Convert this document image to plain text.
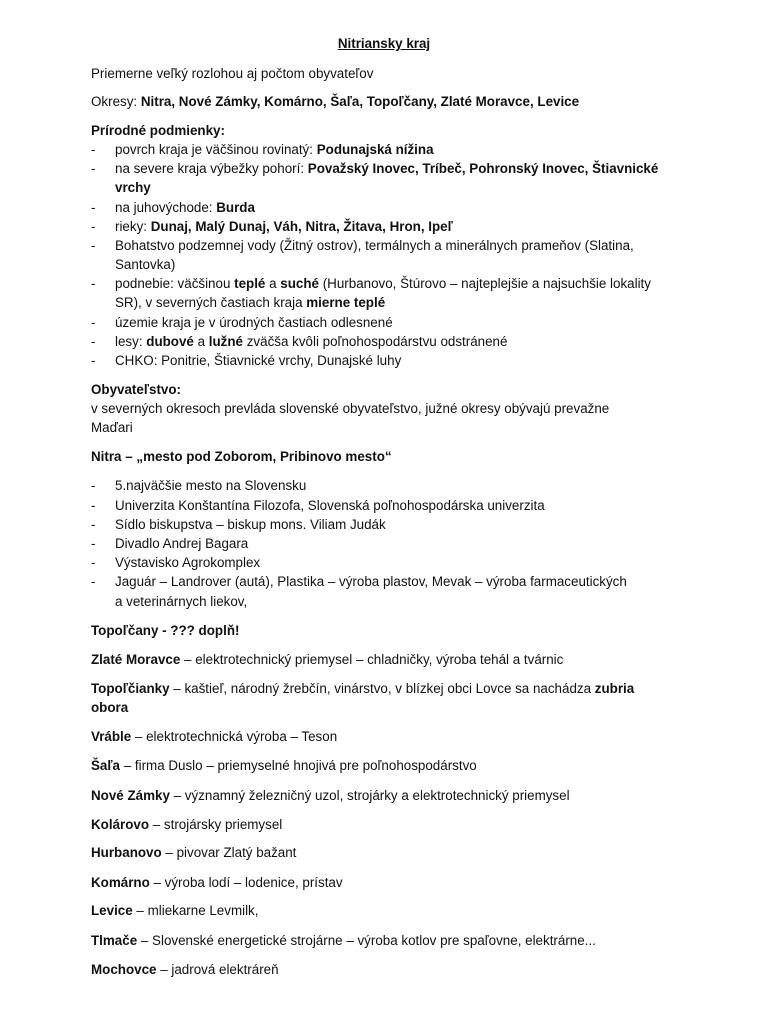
Nitriansky kraj
Priemerne veľký rozlohou aj počtom obyvateľov
Okresy: Nitra, Nové Zámky, Komárno, Šaľa, Topoľčany, Zlaté Moravce, Levice
Prírodné podmienky:
- povrch kraja je väčšinou rovinatý: Podunajská nížina
- na severe kraja výbežky pohorí: Považský Inovec, Tríbeč, Pohronský Inovec, Štiavnické
vrchy
- na juhovýchode: Burda
- rieky: Dunaj, Malý Dunaj, Váh, Nitra, Žitava, Hron, Ipeľ
- Bohatstvo podzemnej vody (Žitný ostrov), termálnych a minerálnych prameňov (Slatina,
Santovka)
- podnebie: väčšinou teplé a suché (Hurbanovo, Štúrovo – najteplejšie a najsuchšie lokality
SR), v severných častiach kraja mierne teplé
- územie kraja je v úrodných častiach odlesnené
- lesy: dubové a lužné zväčša kvôli poľnohospodárstvu odstránené
- CHKO: Ponitrie, Štiavnické vrchy, Dunajské luhy
Obyvateľstvo:
v severných okresoch prevláda slovenské obyvateľstvo, južné okresy obývajú prevažne
Maďari
Nitra – „mesto pod Zoborom, Pribinovo mesto“
- 5.najväčšie mesto na Slovensku
- Univerzita Konštantína Filozofa, Slovenská poľnohospodárska univerzita
- Sídlo biskupstva – biskup mons. Viliam Judák
- Divadlo Andrej Bagara
- Výstavisko Agrokomplex
- Jaguár – Landrover (autá), Plastika – výroba plastov, Mevak – výroba farmaceutických
a veterinárnych liekov,
Topoľčany - ??? doplň!
Zlaté Moravce – elektrotechnický priemysel – chladničky, výroba tehál a tvárnic
Topoľčianky – kaštieľ, národný žrebčín, vinárstvo, v blízkej obci Lovce sa nachádza zubria
obora
Vráble – elektrotechnická výroba – Teson
Šaľa – firma Duslo – priemyselné hnojivá pre poľnohospodárstvo
Nové Zámky – významný železničný uzol, strojárky a elektrotechnický priemysel
Kolárovo – strojársky priemysel
Hurbanovo – pivovar Zlatý bažant
Komárno – výroba lodí – lodenice, prístav
Levice – mliekarne Levmilk,
Tlmače – Slovenské energetické strojárne – výroba kotlov pre spaľovne, elektrárne...
Mochovce – jadrová elektráreň
